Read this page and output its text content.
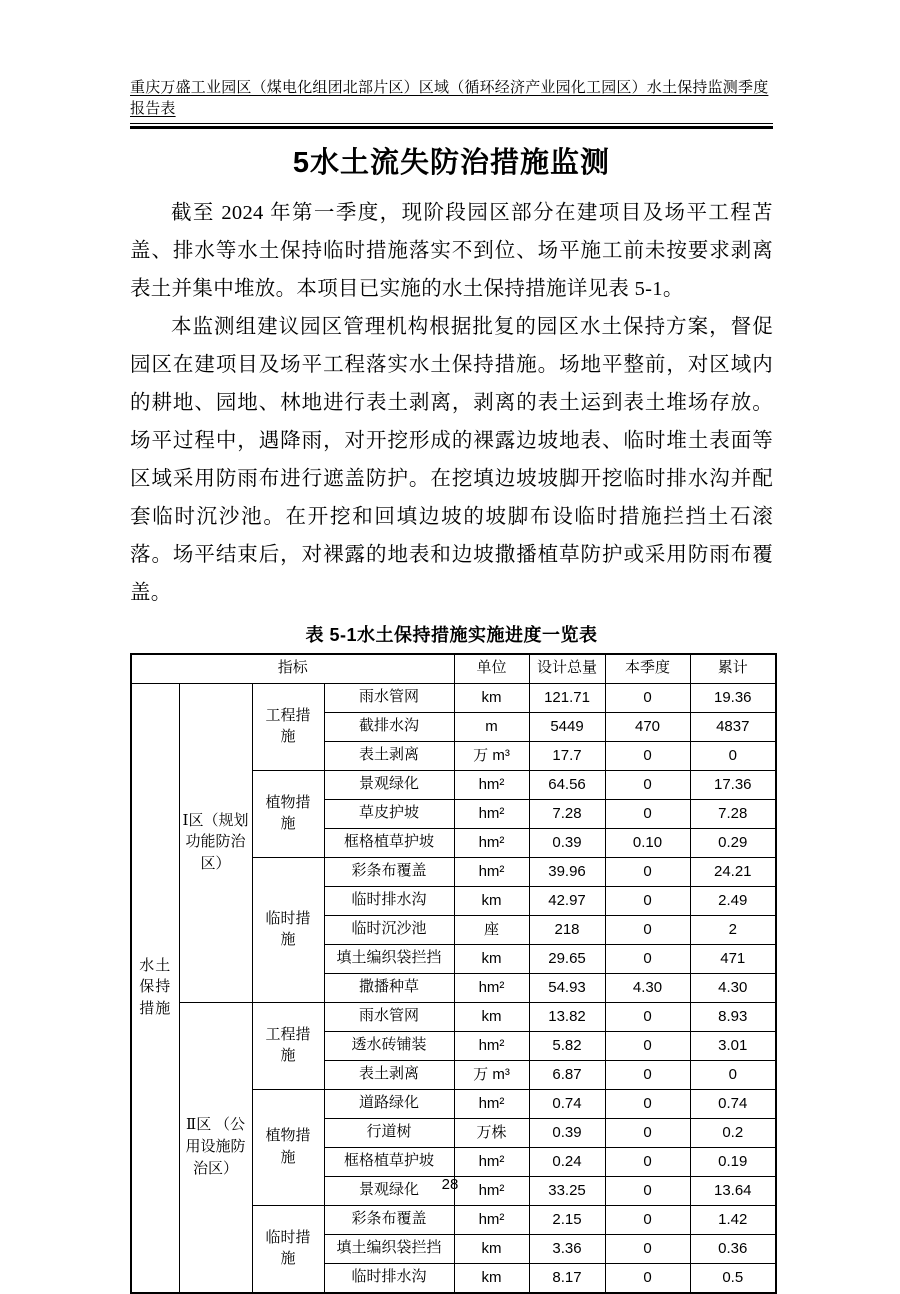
重庆万盛工业园区（煤电化组团北部片区）区域（循环经济产业园化工园区）水土保持监测季度报告表
5水土流失防治措施监测

截至 2024 年第一季度，现阶段园区部分在建项目及场平工程苫盖、排水等水土保持临时措施落实不到位、场平施工前未按要求剥离表土并集中堆放。本项目已实施的水土保持措施详见表 5-1。

本监测组建议园区管理机构根据批复的园区水土保持方案，督促园区在建项目及场平工程落实水土保持措施。场地平整前，对区域内的耕地、园地、林地进行表土剥离，剥离的表土运到表土堆场存放。场平过程中，遇降雨，对开挖形成的裸露边坡地表、临时堆土表面等区域采用防雨布进行遮盖防护。在挖填边坡坡脚开挖临时排水沟并配套临时沉沙池。在开挖和回填边坡的坡脚布设临时措施拦挡土石滚落。场平结束后，对裸露的地表和边坡撒播植草防护或采用防雨布覆盖。

表 5-1水土保持措施实施进度一览表
指标				单位	设计总量	本季度	累计
水土保持措施	Ⅰ区（规划功能防治区）	工程措施	雨水管网	km	121.71	0	19.36
			截排水沟	m	5449	470	4837
			表土剥离	万 m³	17.7	0	0
		植物措施	景观绿化	hm²	64.56	0	17.36
			草皮护坡	hm²	7.28	0	7.28
			框格植草护坡	hm²	0.39	0.10	0.29
		临时措施	彩条布覆盖	hm²	39.96	0	24.21
			临时排水沟	km	42.97	0	2.49
			临时沉沙池	座	218	0	2
			填土编织袋拦挡	km	29.65	0	471
			撒播种草	hm²	54.93	4.30	4.30
	Ⅱ区 （公用设施防治区）	工程措施	雨水管网	km	13.82	0	8.93
			透水砖铺装	hm²	5.82	0	3.01
			表土剥离	万 m³	6.87	0	0
		植物措施	道路绿化	hm²	0.74	0	0.74
			行道树	万株	0.39	0	0.2
			框格植草护坡	hm²	0.24	0	0.19
			景观绿化	hm²	33.25	0	13.64
		临时措施	彩条布覆盖	hm²	2.15	0	1.42
			填土编织袋拦挡	km	3.36	0	0.36
			临时排水沟	km	8.17	0	0.5
28
